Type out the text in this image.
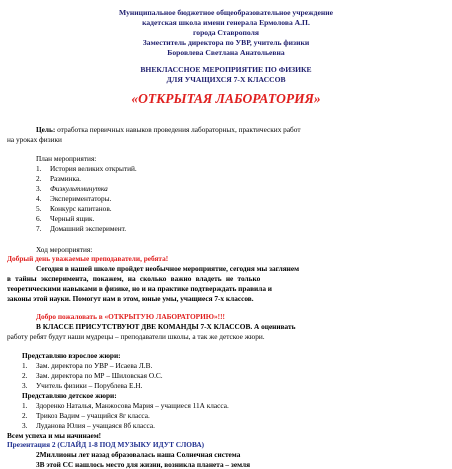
Муниципальное бюджетное общеобразовательное учреждение
кадетская школа имени генерала Ермолова А.П.
города Ставрополя
Заместитель директора по УВР, учитель физики
Боровлева Светлана Анатольевна
ВНЕКЛАССНОЕ МЕРОПРИЯТИЕ ПО ФИЗИКЕ
ДЛЯ УЧАЩИХСЯ 7-Х КЛАССОВ
«ОТКРЫТАЯ ЛАБОРАТОРИЯ»
Цель: отработка первичных навыков проведения лабораторных, практических работ
на уроках физики
План мероприятия:
1. История великих открытий.
2. Разминка.
3. Физкультминутка
4. Экспериментаторы.
5. Конкурс капитанов.
6. Черный ящик.
7. Домашний эксперимент.
Ход мероприятия:
Добрый день уважаемые преподаватели, ребята!
Сегодня в нашей школе пройдет необычное мероприятие, сегодня мы заглянем
в тайны эксперимента, покажем, на сколько важно владеть не только
теоретическими навыками в физике, но и на практике подтверждать правила и
законы этой науки. Помогут нам в этом, юные умы, учащиеся 7-х классов.
Добро пожаловать в «ОТКРЫТУЮ ЛАБОРАТОРИЮ»!!!
В КЛАССЕ ПРИСУТСТВУЮТ ДВЕ КОМАНДЫ 7-Х КЛАССОВ. А оценивать
работу ребят будут наши мудрецы – преподаватели школы, а так же детское жюри.
Представляю взрослое жюри:
1. Зам. директора по УВР – Исаева Л.В.
2. Зам. директора по МР – Шиловская О.С.
3. Учитель физики – Порублева Е.Н.
Представляю детское жюри:
1. Здоренко Наталья, Манжосова Мария – учащиеся 11А класса.
2. Трикоз Вадим – учащийся 8г класса.
3. Луданова Юлия – учащаяся 8б класса.
Всем успеха и мы начинаем!
Презентация 2 (СЛАЙД 1-8 ПОД МУЗЫКУ ИДУТ СЛОВА)
2Миллионы лет назад образовалась наша Солнечная система
3В этой СС нашлось место для жизни, возникла планета – земля
